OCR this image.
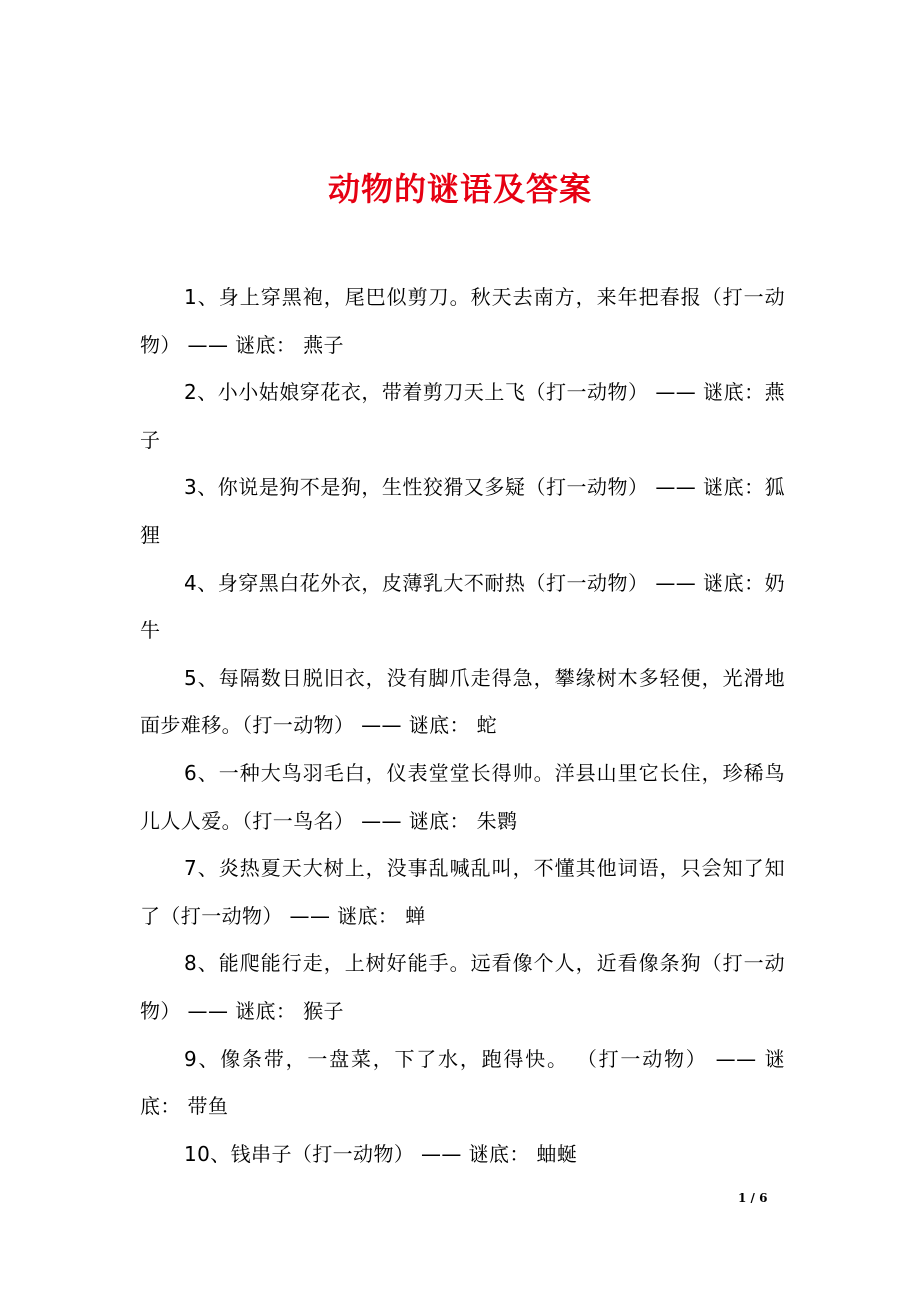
动物的谜语及答案

1、身上穿黑袍，尾巴似剪刀。秋天去南方，来年把春报（打一动物） —— 谜底： 燕子

2、小小姑娘穿花衣，带着剪刀天上飞（打一动物） —— 谜底：燕子

3、你说是狗不是狗，生性狡猾又多疑（打一动物） —— 谜底：狐狸

4、身穿黑白花外衣，皮薄乳大不耐热（打一动物） —— 谜底：奶牛

5、每隔数日脱旧衣，没有脚爪走得急，攀缘树木多轻便，光滑地面步难移。（打一动物） —— 谜底： 蛇

6、一种大鸟羽毛白，仪表堂堂长得帅。洋县山里它长住，珍稀鸟儿人人爱。（打一鸟名） —— 谜底： 朱鹮

7、炎热夏天大树上，没事乱喊乱叫，不懂其他词语，只会知了知了（打一动物） —— 谜底： 蝉

8、能爬能行走，上树好能手。远看像个人，近看像条狗（打一动物） —— 谜底： 猴子

9、像条带，一盘菜，下了水，跑得快。 （打一动物） —— 谜底： 带鱼

10、钱串子（打一动物） —— 谜底： 蚰蜒

1 / 6
